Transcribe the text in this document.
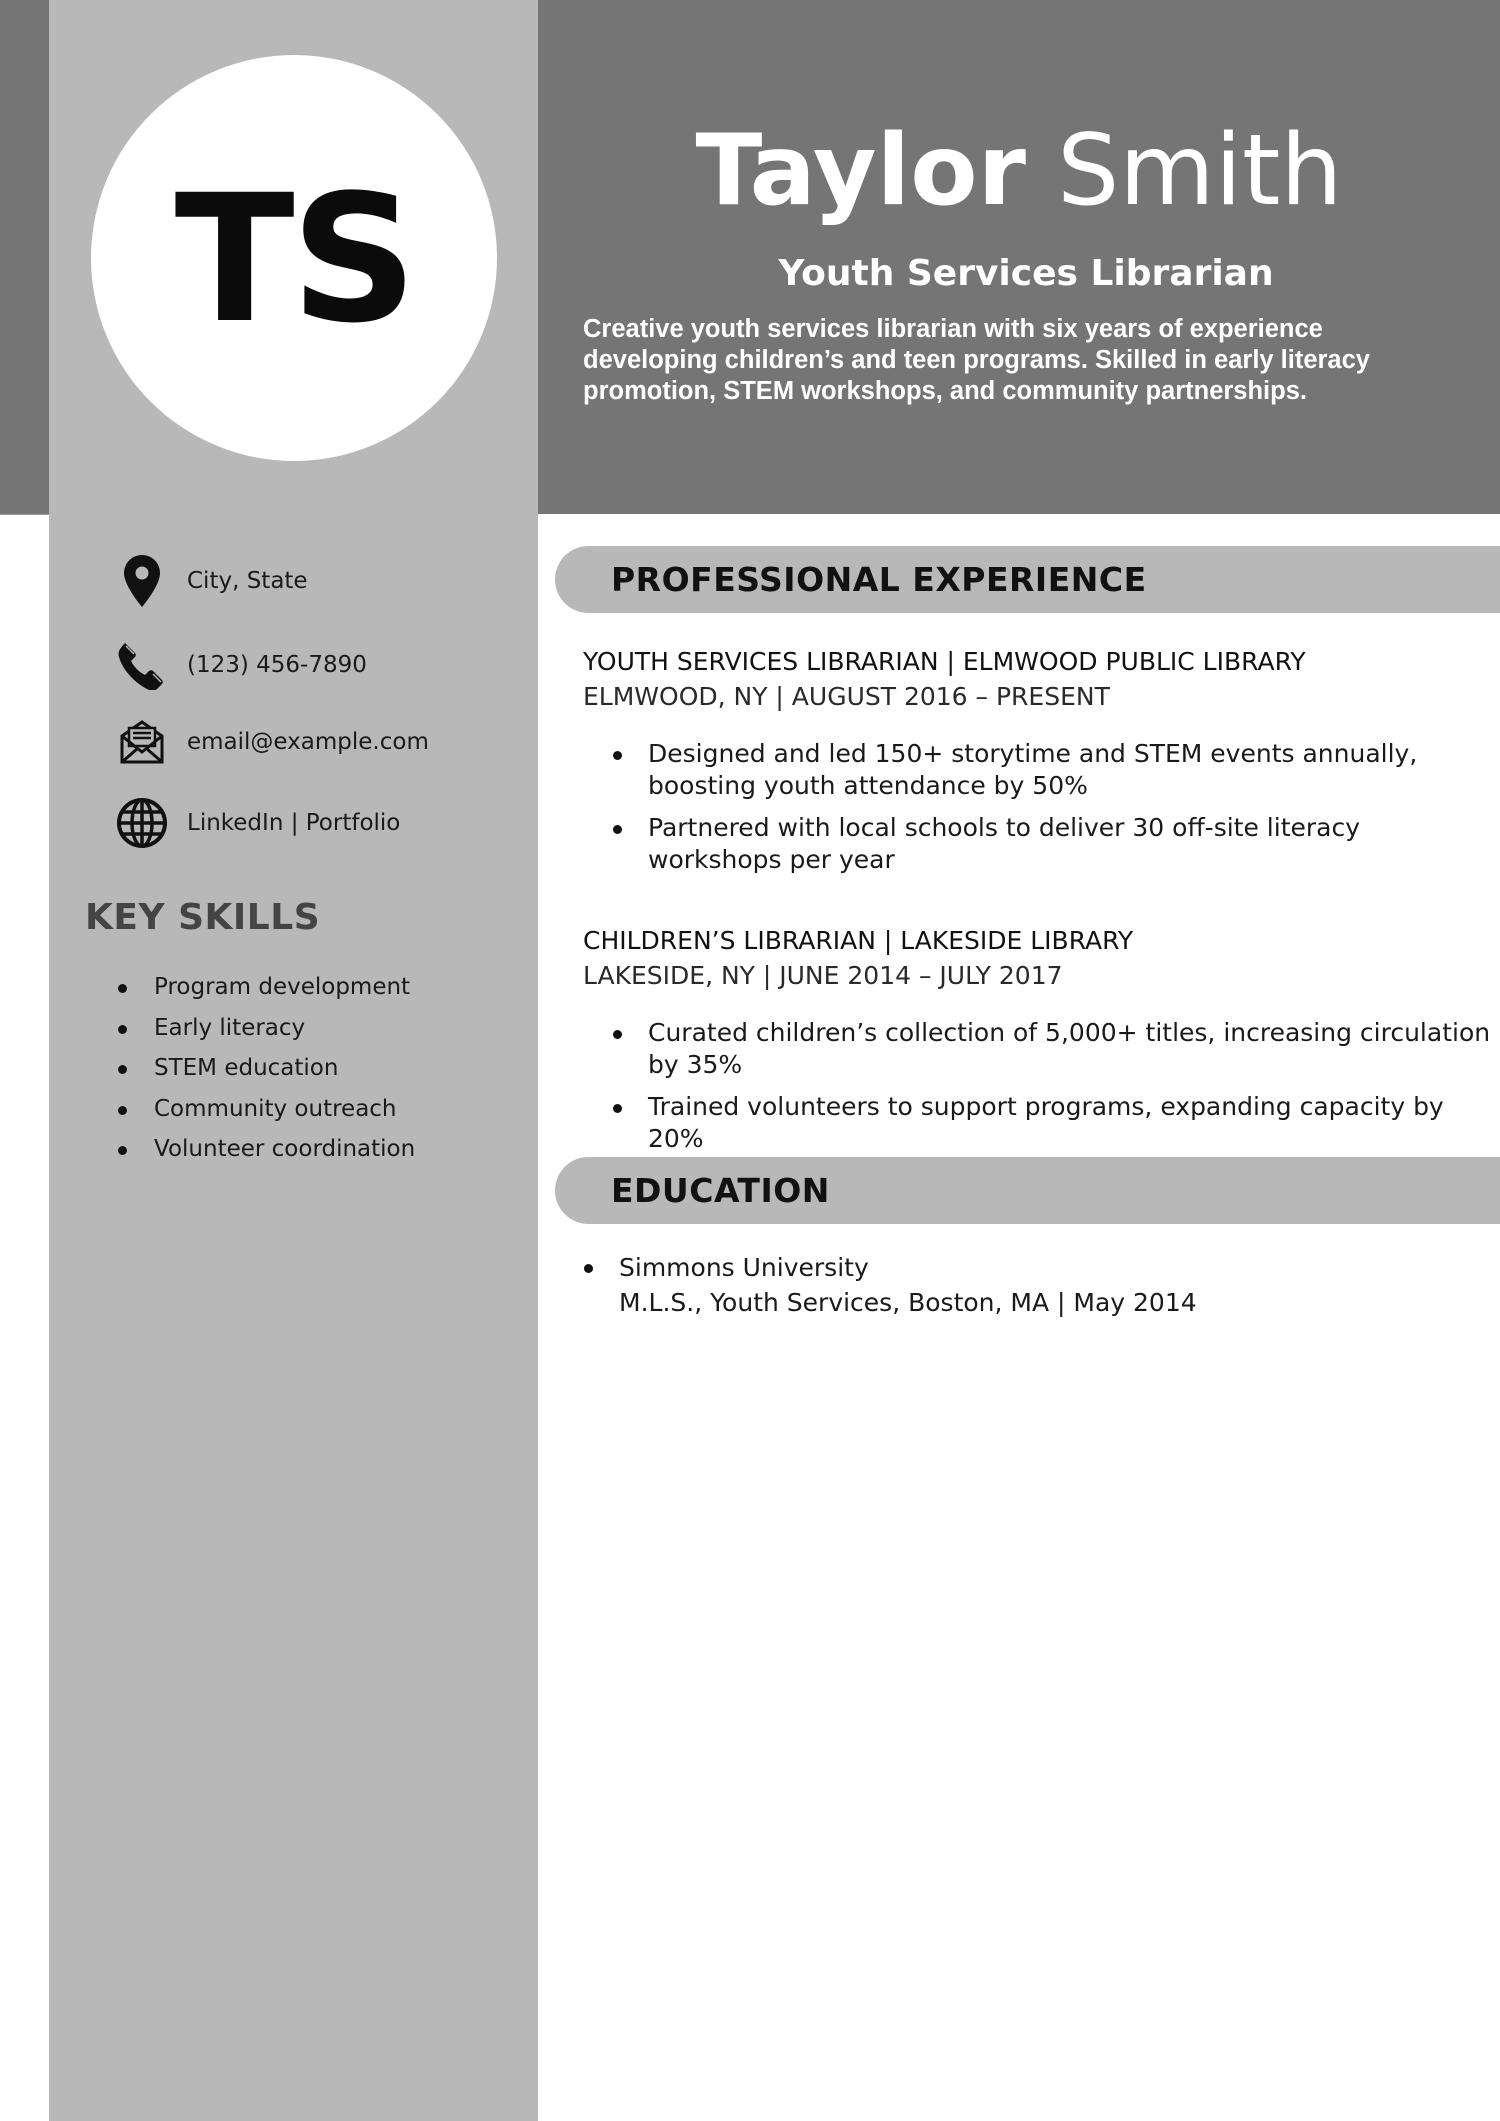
TS	Taylor Smith
Youth Services Librarian
Creative youth services librarian with six years of experience developing children’s and teen programs. Skilled in early literacy promotion, STEM workshops, and community partnerships.
City, State
(123) 456-7890
email@example.com
LinkedIn | Portfolio
KEY SKILLS
Program development
Early literacy
STEM education
Community outreach
Volunteer coordination
PROFESSIONAL EXPERIENCE
YOUTH SERVICES LIBRARIAN | ELMWOOD PUBLIC LIBRARY
ELMWOOD, NY | AUGUST 2016 – PRESENT
Designed and led 150+ storytime and STEM events annually, boosting youth attendance by 50%
Partnered with local schools to deliver 30 off-site literacy workshops per year
CHILDREN’S LIBRARIAN | LAKESIDE LIBRARY
LAKESIDE, NY | JUNE 2014 – JULY 2017
Curated children’s collection of 5,000+ titles, increasing circulation by 35%
Trained volunteers to support programs, expanding capacity by 20%
EDUCATION
Simmons University
M.L.S., Youth Services, Boston, MA | May 2014
